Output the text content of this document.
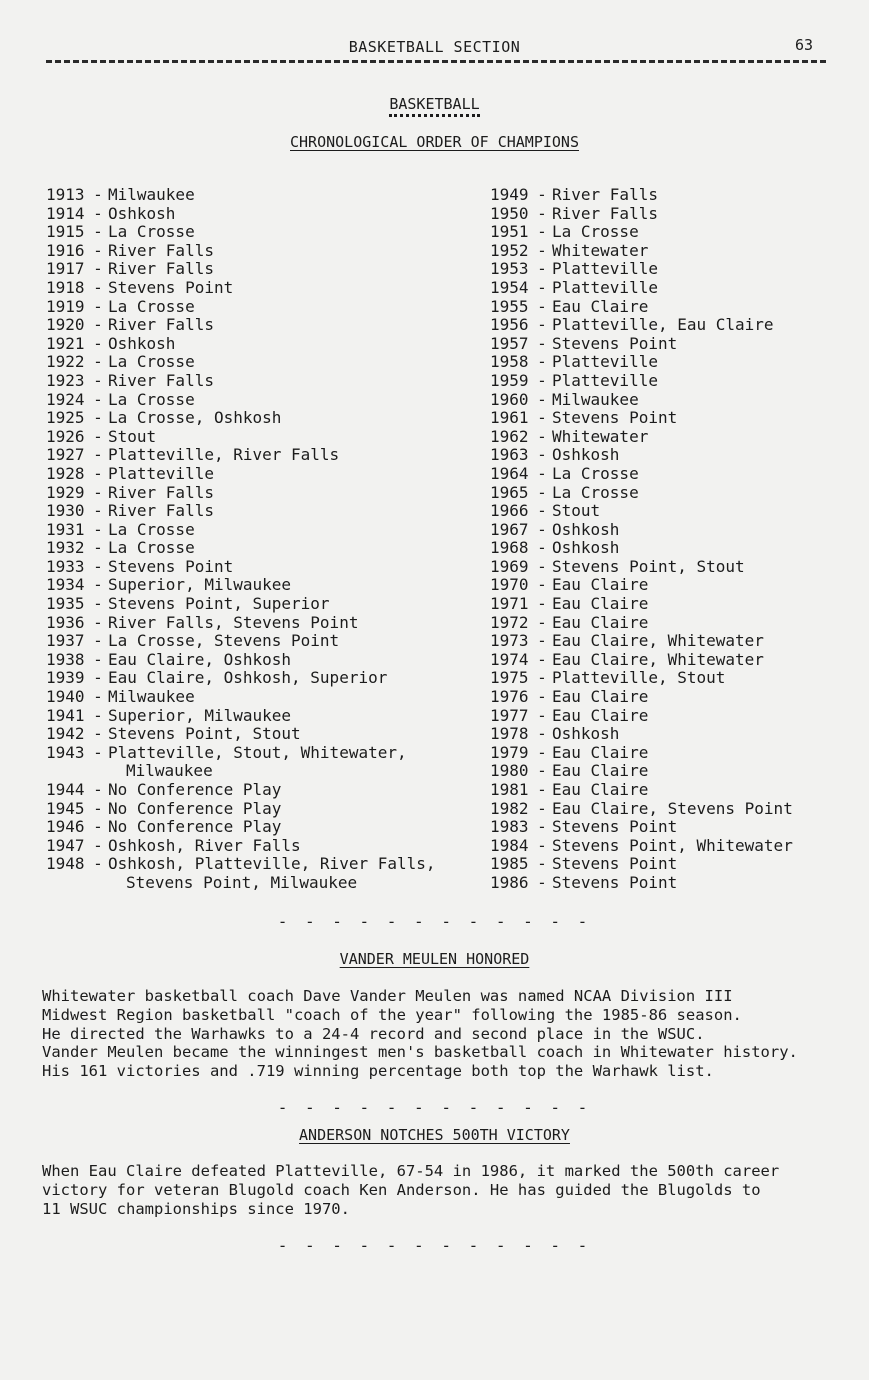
BASKETBALL SECTION	63
BASKETBALL
CHRONOLOGICAL ORDER OF CHAMPIONS
1913 - Milwaukee
1914 - Oshkosh
1915 - La Crosse
1916 - River Falls
1917 - River Falls
1918 - Stevens Point
1919 - La Crosse
1920 - River Falls
1921 - Oshkosh
1922 - La Crosse
1923 - River Falls
1924 - La Crosse
1925 - La Crosse, Oshkosh
1926 - Stout
1927 - Platteville, River Falls
1928 - Platteville
1929 - River Falls
1930 - River Falls
1931 - La Crosse
1932 - La Crosse
1933 - Stevens Point
1934 - Superior, Milwaukee
1935 - Stevens Point, Superior
1936 - River Falls, Stevens Point
1937 - La Crosse, Stevens Point
1938 - Eau Claire, Oshkosh
1939 - Eau Claire, Oshkosh, Superior
1940 - Milwaukee
1941 - Superior, Milwaukee
1942 - Stevens Point, Stout
1943 - Platteville, Stout, Whitewater,
Milwaukee
1944 - No Conference Play
1945 - No Conference Play
1946 - No Conference Play
1947 - Oshkosh, River Falls
1948 - Oshkosh, Platteville, River Falls,
Stevens Point, Milwaukee
1949 - River Falls
1950 - River Falls
1951 - La Crosse
1952 - Whitewater
1953 - Platteville
1954 - Platteville
1955 - Eau Claire
1956 - Platteville, Eau Claire
1957 - Stevens Point
1958 - Platteville
1959 - Platteville
1960 - Milwaukee
1961 - Stevens Point
1962 - Whitewater
1963 - Oshkosh
1964 - La Crosse
1965 - La Crosse
1966 - Stout
1967 - Oshkosh
1968 - Oshkosh
1969 - Stevens Point, Stout
1970 - Eau Claire
1971 - Eau Claire
1972 - Eau Claire
1973 - Eau Claire, Whitewater
1974 - Eau Claire, Whitewater
1975 - Platteville, Stout
1976 - Eau Claire
1977 - Eau Claire
1978 - Oshkosh
1979 - Eau Claire
1980 - Eau Claire
1981 - Eau Claire
1982 - Eau Claire, Stevens Point
1983 - Stevens Point
1984 - Stevens Point, Whitewater
1985 - Stevens Point
1986 - Stevens Point
- - - - - - - - - - - -
VANDER MEULEN HONORED
Whitewater basketball coach Dave Vander Meulen was named NCAA Division III
Midwest Region basketball "coach of the year" following the 1985-86 season.
He directed the Warhawks to a 24-4 record and second place in the WSUC.
Vander Meulen became the winningest men's basketball coach in Whitewater history.
His 161 victories and .719 winning percentage both top the Warhawk list.
- - - - - - - - - - - -
ANDERSON NOTCHES 500TH VICTORY
When Eau Claire defeated Platteville, 67-54 in 1986, it marked the 500th career
victory for veteran Blugold coach Ken Anderson. He has guided the Blugolds to
11 WSUC championships since 1970.
- - - - - - - - - - - -
